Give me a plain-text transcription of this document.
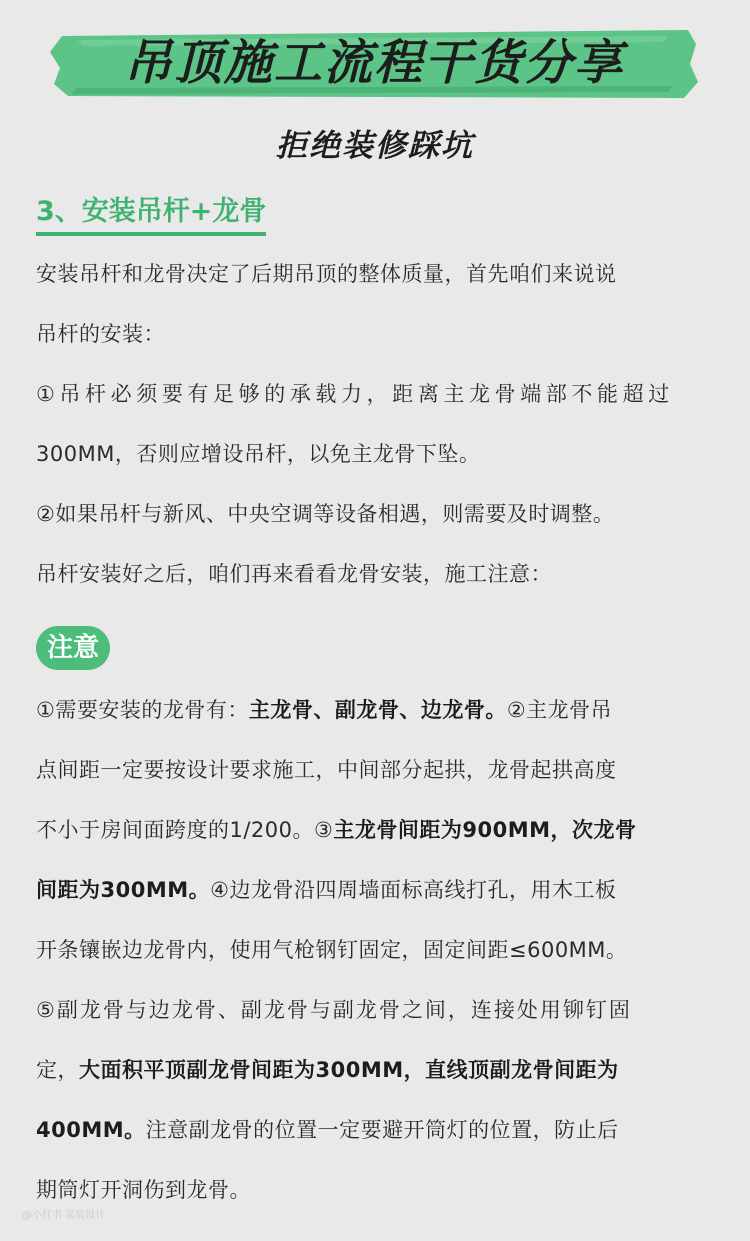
吊顶施工流程干货分享
拒绝装修踩坑
3、安装吊杆+龙骨
安装吊杆和龙骨决定了后期吊顶的整体质量，首先咱们来说说
吊杆的安装：
①吊杆必须要有足够的承载力，距离主龙骨端部不能超过
300MM，否则应增设吊杆，以免主龙骨下坠。
②如果吊杆与新风、中央空调等设备相遇，则需要及时调整。
吊杆安装好之后，咱们再来看看龙骨安装，施工注意：
注意
①需要安装的龙骨有：主龙骨、副龙骨、边龙骨。②主龙骨吊
点间距一定要按设计要求施工，中间部分起拱，龙骨起拱高度
不小于房间面跨度的1/200。③主龙骨间距为900MM，次龙骨
间距为300MM。④边龙骨沿四周墙面标高线打孔，用木工板
开条镶嵌边龙骨内，使用气枪钢钉固定，固定间距≤600MM。
⑤副龙骨与边龙骨、副龙骨与副龙骨之间，连接处用铆钉固
定，大面积平顶副龙骨间距为300MM，直线顶副龙骨间距为
400MM。注意副龙骨的位置一定要避开筒灯的位置，防止后
期筒灯开洞伤到龙骨。
@小红书 家装设计
